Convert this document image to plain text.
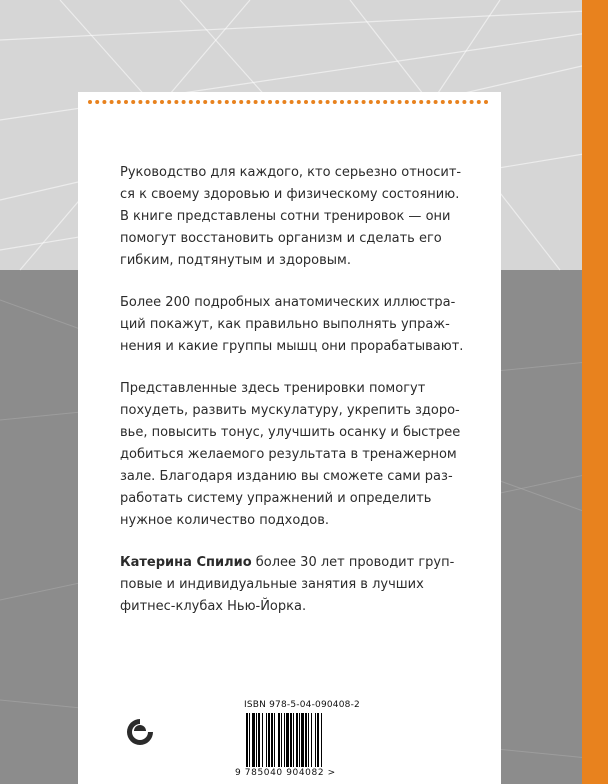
Руководство для каждого, кто серьезно относит-
ся к своему здоровью и физическому состоянию.
В книге представлены сотни тренировок — они
помогут восстановить организм и сделать его
гибким, подтянутым и здоровым.

Более 200 подробных анатомических иллюстра-
ций покажут, как правильно выполнять упраж-
нения и какие группы мышц они прорабатывают.

Представленные здесь тренировки помогут
похудеть, развить мускулатуру, укрепить здоро-
вье, повысить тонус, улучшить осанку и быстрее
добиться желаемого результата в тренажерном
зале. Благодаря изданию вы сможете сами раз-
работать систему упражнений и определить
нужное количество подходов.

Катерина Спилио более 30 лет проводит груп-
повые и индивидуальные занятия в лучших
фитнес-клубах Нью-Йорка.

ISBN 978-5-04-090408-2
9 785040 904082 >
